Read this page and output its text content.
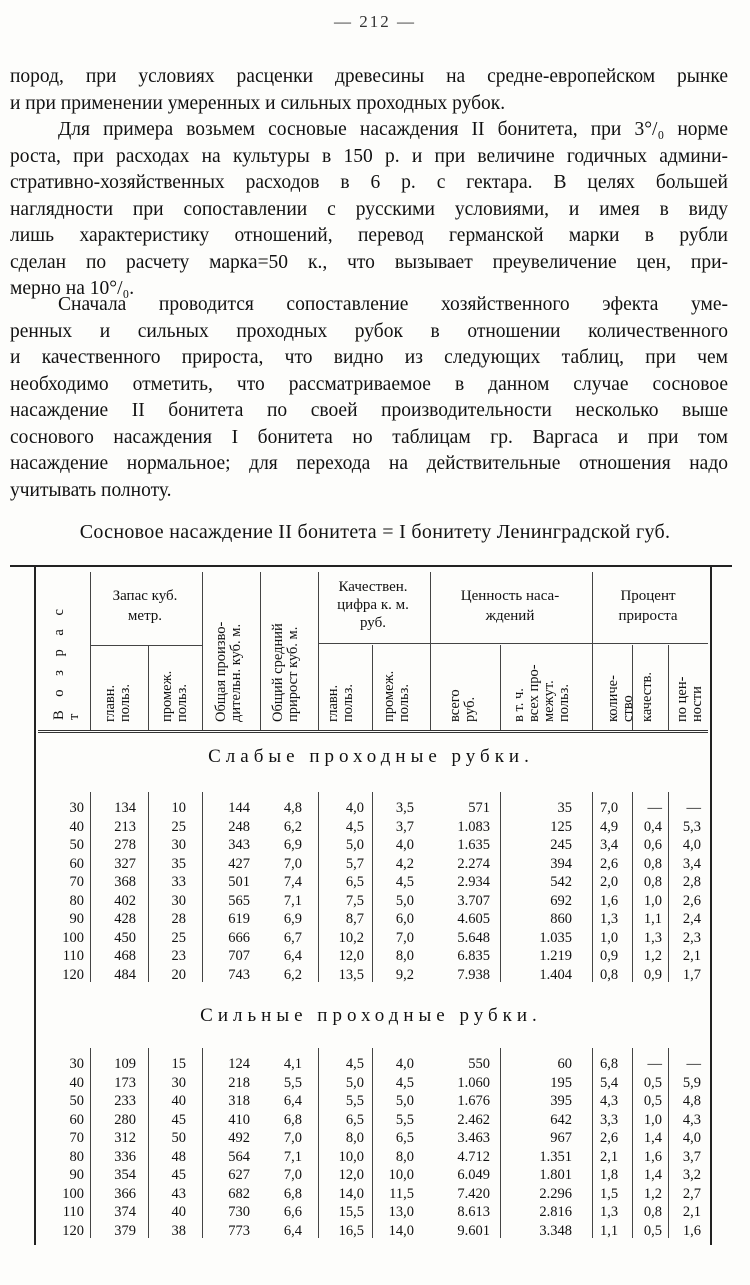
— 212 —
пород, при условиях расценки древесины на средне-европейском рынке
и при применении умеренных и сильных проходных рубок.
Для примера возьмем сосновые насаждения II бонитета, при 3°/₀ норме
роста, при расходах на культуры в 150 р. и при величине годичных админи-
стративно-хозяйственных расходов в 6 р. с гектара. В целях большей
наглядности при сопоставлении с русскими условиями, и имея в виду
лишь характеристику отношений, перевод германской марки в рубли
сделан по расчету марка=50 к., что вызывает преувеличение цен, при-
мерно на 10°/₀.
Сначала проводится сопоставление хозяйственного эфекта уме-
ренных и сильных проходных рубок в отношении количественного
и качественного прироста, что видно из следующих таблиц, при чем
необходимо отметить, что рассматриваемое в данном случае сосновое
насаждение II бонитета по своей производительности несколько выше
соснового насаждения I бонитета но таблицам гр. Варгаса и при том
насаждение нормальное; для перехода на действительные отношения надо
учитывать полноту.
Сосновое насаждение II бонитета = I бонитету Ленинградской губ.
В о з р а с т
Запас куб.
метр.
главн.
польз. промеж.
польз. Общая произво-
дительн. куб. м.
Общий средний
прирост куб. м.
Качествен.
цифра к. м.
руб.
главн.
польз. промеж.
польз.
Ценность наса-
ждений
всего
руб. в т. ч.
всех про-
межут.
польз.
Процент
прироста
количе-
ство качеств. по цен-
ности
Слабые проходные рубки.
30
40
50
60
70
80
90
100
110
120
134
213
278
327
368
402
428
450
468
484
10
25
30
35
33
30
28
25
23
20
144
248
343
427
501
565
619
666
707
743
4,8
6,2
6,9
7,0
7,4
7,1
6,9
6,7
6,4
6,2
4,0
4,5
5,0
5,7
6,5
7,5
8,7
10,2
12,0
13,5
3,5
3,7
4,0
4,2
4,5
5,0
6,0
7,0
8,0
9,2
571
1.083
1.635
2.274
2.934
3.707
4.605
5.648
6.835
7.938
35
125
245
394
542
692
860
1.035
1.219
1.404
7,0
4,9
3,4
2,6
2,0
1,6
1,3
1,0
0,9
0,8
—
0,4
0,6
0,8
0,8
1,0
1,1
1,3
1,2
0,9
—
5,3
4,0
3,4
2,8
2,6
2,4
2,3
2,1
1,7
Сильные проходные рубки.
30
40
50
60
70
80
90
100
110
120
109
173
233
280
312
336
354
366
374
379
15
30
40
45
50
48
45
43
40
38
124
218
318
410
492
564
627
682
730
773
4,1
5,5
6,4
6,8
7,0
7,1
7,0
6,8
6,6
6,4
4,5
5,0
5,5
6,5
8,0
10,0
12,0
14,0
15,5
16,5
4,0
4,5
5,0
5,5
6,5
8,0
10,0
11,5
13,0
14,0
550
1.060
1.676
2.462
3.463
4.712
6.049
7.420
8.613
9.601
60
195
395
642
967
1.351
1.801
2.296
2.816
3.348
6,8
5,4
4,3
3,3
2,6
2,1
1,8
1,5
1,3
1,1
—
0,5
0,5
1,0
1,4
1,6
1,4
1,2
0,8
0,5
—
5,9
4,8
4,3
4,0
3,7
3,2
2,7
2,1
1,6
